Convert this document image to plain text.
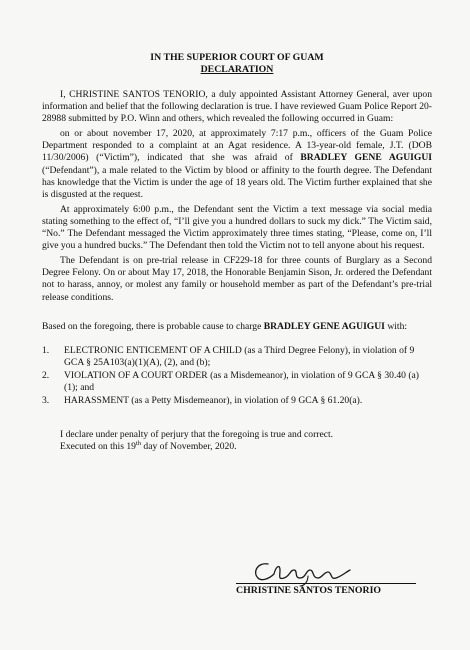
IN THE SUPERIOR COURT OF GUAM
DECLARATION

I, CHRISTINE SANTOS TENORIO, a duly appointed Assistant Attorney General, aver upon information and belief that the following declaration is true. I have reviewed Guam Police Report 20-28988 submitted by P.O. Winn and others, which revealed the following occurred in Guam:

on or about november 17, 2020, at approximately 7:17 p.m., officers of the Guam Police Department responded to a complaint at an Agat residence. A 13-year-old female, J.T. (DOB 11/30/2006) (“Victim”), indicated that she was afraid of BRADLEY GENE AGUIGUI (“Defendant”), a male related to the Victim by blood or affinity to the fourth degree. The Defendant has knowledge that the Victim is under the age of 18 years old. The Victim further explained that she is disgusted at the request.

At approximately 6:00 p.m., the Defendant sent the Victim a text message via social media stating something to the effect of, “I’ll give you a hundred dollars to suck my dick.” The Victim said, “No.” The Defendant messaged the Victim approximately three times stating, “Please, come on, I’ll give you a hundred bucks.” The Defendant then told the Victim not to tell anyone about his request.

The Defendant is on pre-trial release in CF229-18 for three counts of Burglary as a Second Degree Felony. On or about May 17, 2018, the Honorable Benjamin Sison, Jr. ordered the Defendant not to harass, annoy, or molest any family or household member as part of the Defendant’s pre-trial release conditions.

Based on the foregoing, there is probable cause to charge BRADLEY GENE AGUIGUI with:

1. ELECTRONIC ENTICEMENT OF A CHILD (as a Third Degree Felony), in violation of 9 GCA § 25A103(a)(1)(A), (2), and (b);
2. VIOLATION OF A COURT ORDER (as a Misdemeanor), in violation of 9 GCA § 30.40 (a)(1); and
3. HARASSMENT (as a Petty Misdemeanor), in violation of 9 GCA § 61.20(a).
I declare under penalty of perjury that the foregoing is true and correct.
Executed on this 19th day of November, 2020.
CHRISTINE SANTOS TENORIO
